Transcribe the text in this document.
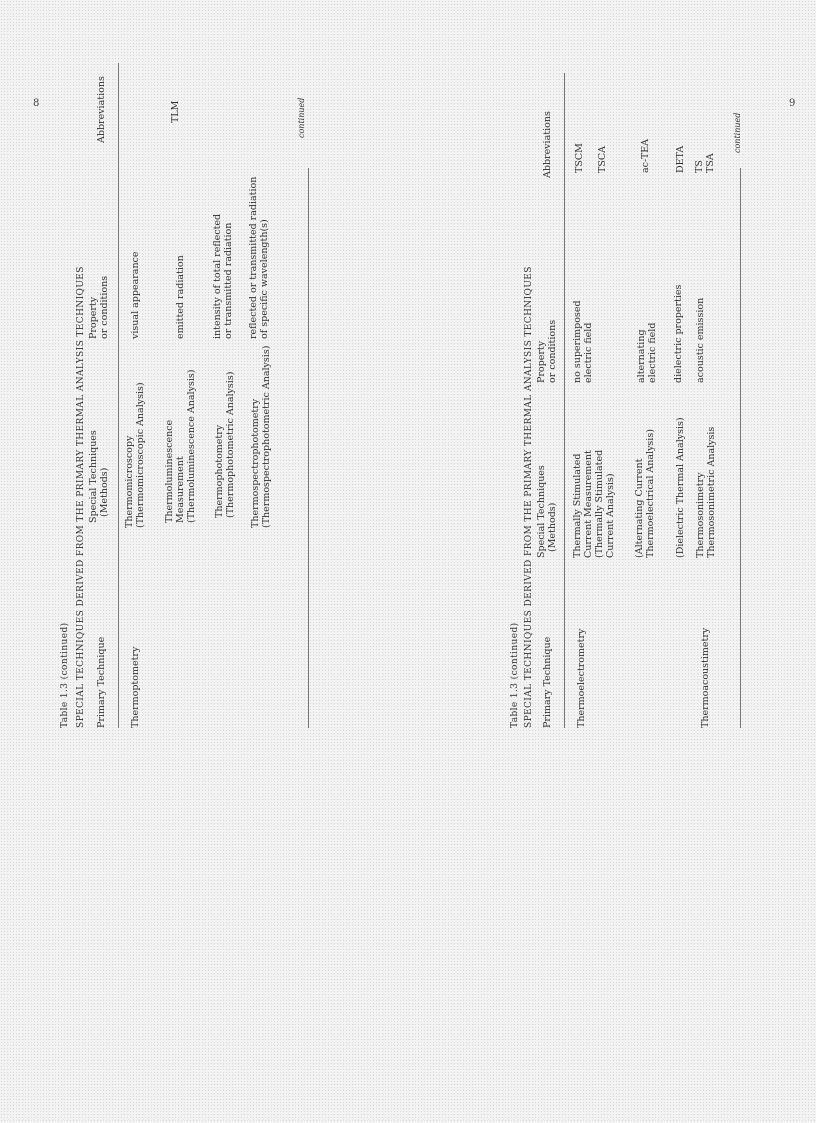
8	9
Table 1.3 (continued) SPECIAL TECHNIQUES DERIVED FROM THE PRIMARY THERMAL ANALYSIS TECHNIQUES Primary Technique
Special Techniques (Methods)
Property or conditions
Abbreviations
Thermoptometry
Thermomicroscopy (Thermomicroscopic Analysis)
visual appearance
Thermoluminescence Measurement (Thermoluminescence Analysis)
emitted radiation
TLM
Thermophotometry (Thermophotometric Analysis)
intensity of total reflected or transmitted radiation
Thermospectrophotometry (Thermospectrophotometric Analysis)
reflected or transmitted radiation of specific wavelength(s)
continued
Table 1.3 (continued) SPECIAL TECHNIQUES DERIVED FROM THE PRIMARY THERMAL ANALYSIS TECHNIQUES Primary Technique
Special Techniques (Methods)
Property or conditions
Abbreviations
Thermoelectrometry
Thermally Stimulated Current Measurement (Thermally Stimulated Current Analysis)
no superimposed electric field
TSCM TSCA
(Alternating Current Thermoelectrical Analysis)
alternating electric field
ac-TEA
(Dielectric Thermal Analysis)
dielectric properties
DETA
Thermoacoustimetry
Thermosonimetry Thermosonimetric Analysis
acoustic emission
TS TSA
continued
